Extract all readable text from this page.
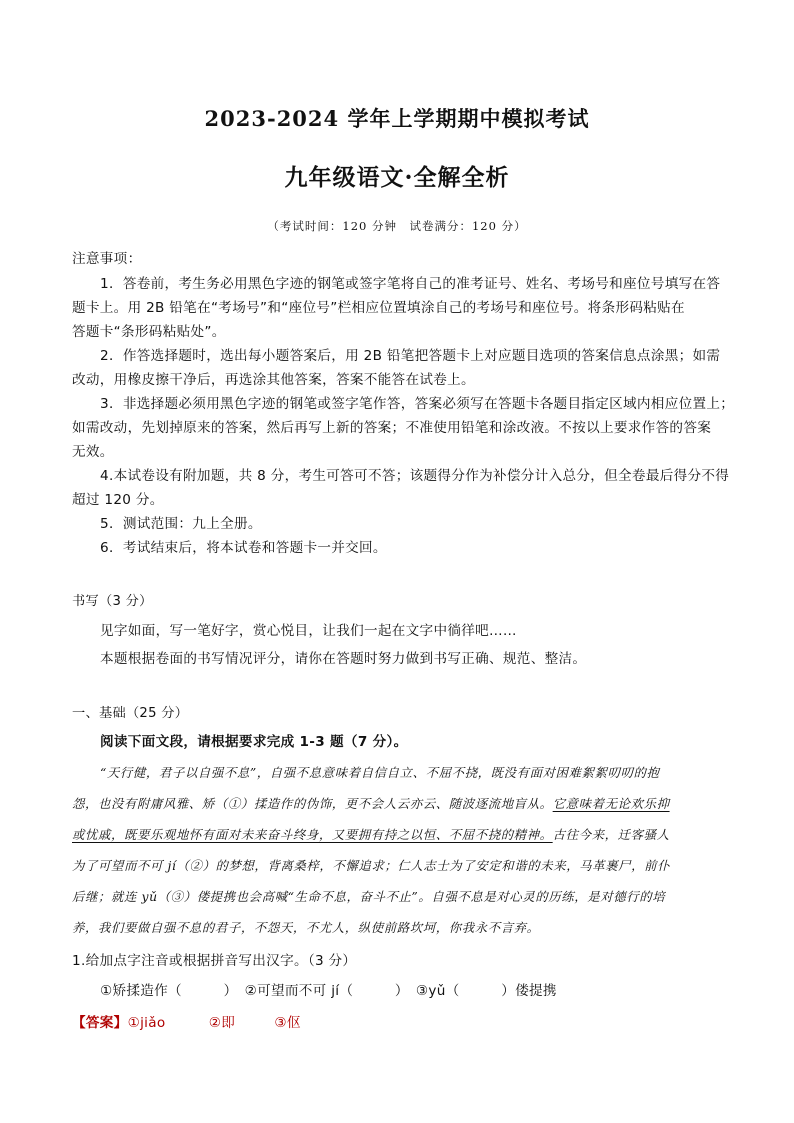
2023-2024 学年上学期期中模拟考试
九年级语文·全解全析
（考试时间：120 分钟　试卷满分：120 分）
注意事项：
1．答卷前，考生务必用黑色字迹的钢笔或签字笔将自己的准考证号、姓名、考场号和座位号填写在答
题卡上。用 2B 铅笔在“考场号”和“座位号”栏相应位置填涂自己的考场号和座位号。将条形码粘贴在
答题卡“条形码粘贴处”。
2．作答选择题时，选出每小题答案后，用 2B 铅笔把答题卡上对应题目选项的答案信息点涂黑；如需
改动，用橡皮擦干净后，再选涂其他答案，答案不能答在试卷上。
3．非选择题必须用黑色字迹的钢笔或签字笔作答，答案必须写在答题卡各题目指定区域内相应位置上；
如需改动，先划掉原来的答案，然后再写上新的答案；不准使用铅笔和涂改液。不按以上要求作答的答案
无效。
4.本试卷设有附加题，共 8 分，考生可答可不答；该题得分作为补偿分计入总分，但全卷最后得分不得
超过 120 分。
5．测试范围：九上全册。
6．考试结束后，将本试卷和答题卡一并交回。
书写（3 分）
见字如面，写一笔好字，赏心悦目，让我们一起在文字中徜徉吧……
本题根据卷面的书写情况评分，请你在答题时努力做到书写正确、规范、整洁。
一、基础（25 分）
阅读下面文段，请根据要求完成 1-3 题（7 分）。
“天行健，君子以自强不息”，自强不息意味着自信自立、不屈不挠，既没有面对困难絮絮叨叨的抱
怨，也没有附庸风雅、矫（①）揉造作的伪饰，更不会人云亦云、随波逐流地盲从。它意味着无论欢乐抑
或忧戚，既要乐观地怀有面对未来奋斗终身，又要拥有持之以恒、不屈不挠的精神。古往今来，迁客骚人
为了可望而不可 jí（②）的梦想，背离桑梓，不懈追求；仁人志士为了安定和谐的未来，马革裹尸，前仆
后继；就连 yǔ（③）偻提携也会高喊“生命不息，奋斗不止”。自强不息是对心灵的历练，是对德行的培
养，我们要做自强不息的君子，不怨天，不尤人，纵使前路坎坷，你我永不言弃。
1.给加点字注音或根据拼音写出汉字。（3 分）
①矫揉造作（　　　）　②可望而不可 jí（　　　）　③yǔ（　　　）偻提携
【答案】①jiǎo	②即	③伛
